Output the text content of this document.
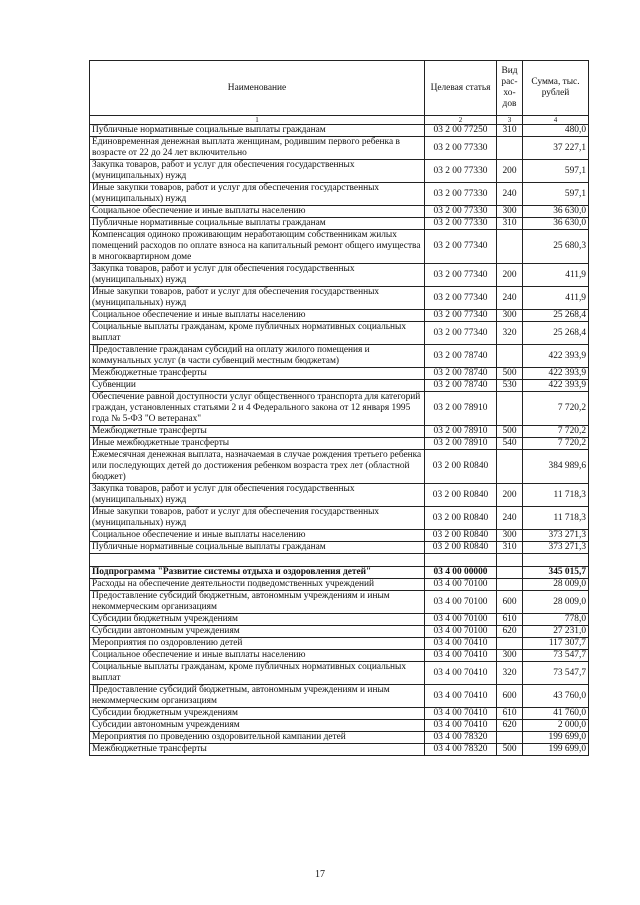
Наименование	Целевая статья	Вид рас-хо-дов	Сумма, тыс. рублей
1	2	3	4
Публичные нормативные социальные выплаты гражданам	03 2 00 77250	310	480,0
Единовременная денежная выплата женщинам, родившим первого ребенка в возрасте от 22 до 24 лет включительно	03 2 00 77330		37 227,1
Закупка товаров, работ и услуг для обеспечения государственных (муниципальных) нужд	03 2 00 77330	200	597,1
Иные закупки товаров, работ и услуг для обеспечения государственных (муниципальных) нужд	03 2 00 77330	240	597,1
Социальное обеспечение и иные выплаты населению	03 2 00 77330	300	36 630,0
Публичные нормативные социальные выплаты гражданам	03 2 00 77330	310	36 630,0
Компенсация одиноко проживающим неработающим собственникам жилых помещений расходов по оплате взноса на капитальный ремонт общего имущества в многоквартирном доме	03 2 00 77340		25 680,3
Закупка товаров, работ и услуг для обеспечения государственных (муниципальных) нужд	03 2 00 77340	200	411,9
Иные закупки товаров, работ и услуг для обеспечения государственных (муниципальных) нужд	03 2 00 77340	240	411,9
Социальное обеспечение и иные выплаты населению	03 2 00 77340	300	25 268,4
Социальные выплаты гражданам, кроме публичных нормативных социальных выплат	03 2 00 77340	320	25 268,4
Предоставление гражданам субсидий на оплату жилого помещения и коммунальных услуг (в части субвенций местным бюджетам)	03 2 00 78740		422 393,9
Межбюджетные трансферты	03 2 00 78740	500	422 393,9
Субвенции	03 2 00 78740	530	422 393,9
Обеспечение равной доступности услуг общественного транспорта для категорий граждан, установленных статьями 2 и 4 Федерального закона от 12 января 1995 года № 5-ФЗ "О ветеранах"	03 2 00 78910		7 720,2
Межбюджетные трансферты	03 2 00 78910	500	7 720,2
Иные межбюджетные трансферты	03 2 00 78910	540	7 720,2
Ежемесячная денежная выплата, назначаемая в случае рождения третьего ребенка или последующих детей до достижения ребенком возраста трех лет (областной бюджет)	03 2 00 R0840		384 989,6
Закупка товаров, работ и услуг для обеспечения государственных (муниципальных) нужд	03 2 00 R0840	200	11 718,3
Иные закупки товаров, работ и услуг для обеспечения государственных (муниципальных) нужд	03 2 00 R0840	240	11 718,3
Социальное обеспечение и иные выплаты населению	03 2 00 R0840	300	373 271,3
Публичные нормативные социальные выплаты гражданам	03 2 00 R0840	310	373 271,3

Подпрограмма "Развитие системы отдыха и оздоровления детей"	03 4 00 00000		345 015,7
Расходы на обеспечение деятельности подведомственных учреждений	03 4 00 70100		28 009,0
Предоставление субсидий бюджетным, автономным учреждениям и иным некоммерческим организациям	03 4 00 70100	600	28 009,0
Субсидии бюджетным учреждениям	03 4 00 70100	610	778,0
Субсидии автономным учреждениям	03 4 00 70100	620	27 231,0
Мероприятия по оздоровлению детей	03 4 00 70410		117 307,7
Социальное обеспечение и иные выплаты населению	03 4 00 70410	300	73 547,7
Социальные выплаты гражданам, кроме публичных нормативных социальных выплат	03 4 00 70410	320	73 547,7
Предоставление субсидий бюджетным, автономным учреждениям и иным некоммерческим организациям	03 4 00 70410	600	43 760,0
Субсидии бюджетным учреждениям	03 4 00 70410	610	41 760,0
Субсидии автономным учреждениям	03 4 00 70410	620	2 000,0
Мероприятия по проведению оздоровительной кампании детей	03 4 00 78320		199 699,0
Межбюджетные трансферты	03 4 00 78320	500	199 699,0
17
